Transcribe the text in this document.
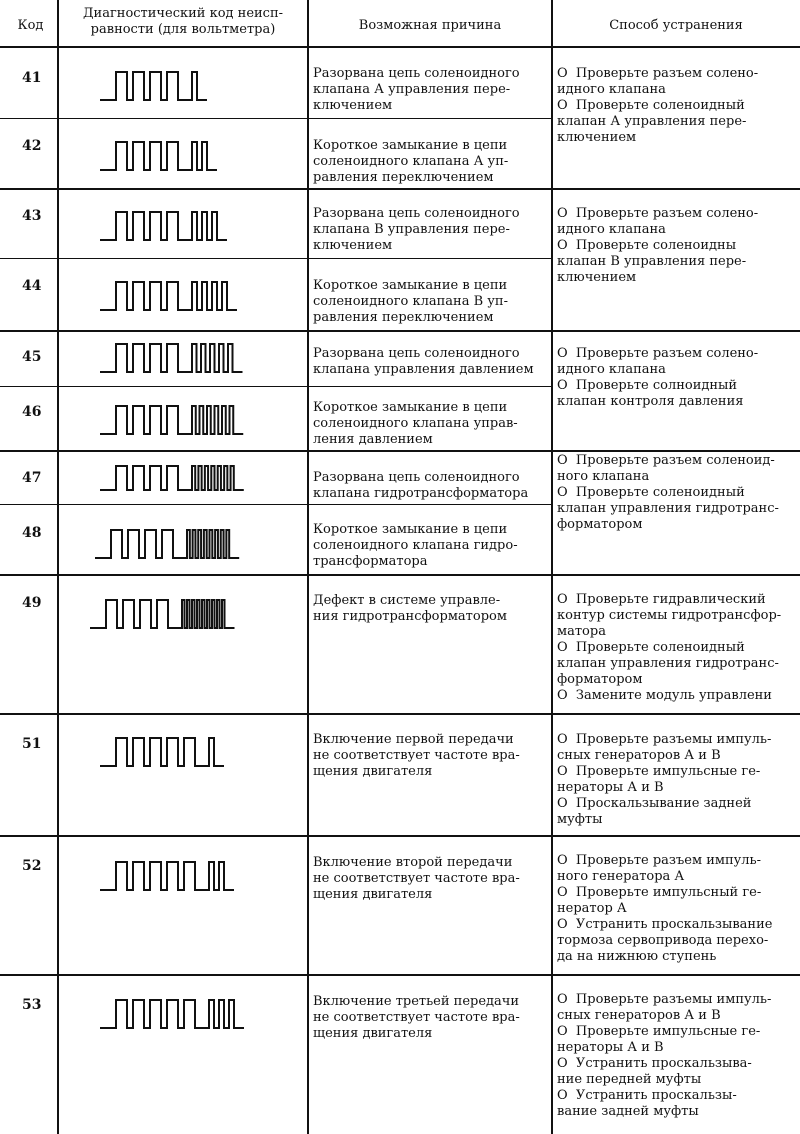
Код
Диагностический код неисп-
равности (для вольтметра)	Возможная причина	Способ устранения
41
42
43
44
45
46
47
48
49
51
52
53
Разорвана цепь соленоидного
клапана А управления пере-
ключением
Короткое замыкание в цепи
соленоидного клапана А уп-
равления переключением
Разорвана цепь соленоидного
клапана В управления пере-
ключением
Короткое замыкание в цепи
соленоидного клапана В уп-
равления переключением
Разорвана цепь соленоидного
клапана управления давлением
Короткое замыкание в цепи
соленоидного клапана управ-
ления давлением
Разорвана цепь соленоидного
клапана гидротрансформатора
Короткое замыкание в цепи
соленоидного клапана гидро-
трансформатора
Дефект в системе управле-
ния гидротрансформатором
Включение первой передачи
не соответствует частоте вра-
щения двигателя
Включение второй передачи
не соответствует частоте вра-
щения двигателя
Включение третьей передачи
не соответствует частоте вра-
щения двигателя
О  Проверьте разъем солено-
идного клапана
О  Проверьте соленоидный
клапан А управления пере-
ключением
О  Проверьте разъем солено-
идного клапана
О  Проверьте соленоидны
клапан В управления пере-
ключением
О  Проверьте разъем солено-
идного клапана
О  Проверьте солноидный
клапан контроля давления
О  Проверьте разъем соленоид-
ного клапана
О  Проверьте соленоидный
клапан управления гидротранс-
форматором
О  Проверьте гидравлический
контур системы гидротрансфор-
матора
О  Проверьте соленоидный
клапан управления гидротранс-
форматором
О  Замените модуль управлени
О  Проверьте разъемы импуль-
сных генераторов А и В
О  Проверьте импульсные ге-
нераторы А и В
О  Проскальзывание задней
муфты
О  Проверьте разъем импуль-
ного генератора А
О  Проверьте импульсный ге-
нератор А
О  Устранить проскальзывание
тормоза сервопривода перехо-
да на нижнюю ступень
О  Проверьте разъемы импуль-
сных генераторов А и В
О  Проверьте импульсные ге-
нераторы А и В
О  Устранить проскальзыва-
ние передней муфты
О  Устранить проскальзы-
вание задней муфты
